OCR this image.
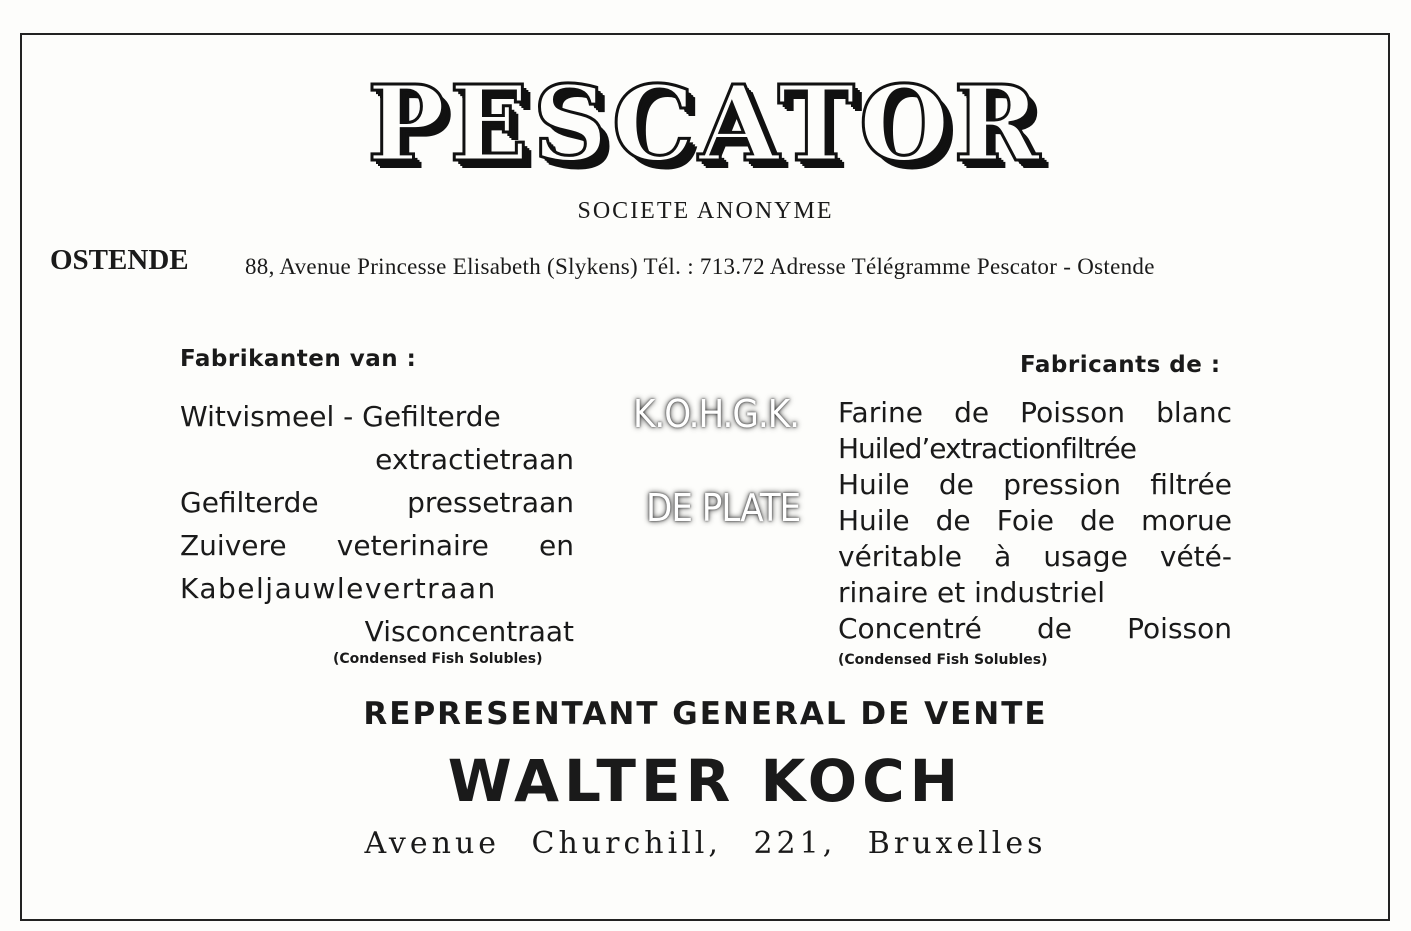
PESCATOR
SOCIETE ANONYME
OSTENDE 88, Avenue Princesse Elisabeth (Slykens) Tél. : 713.72 Adresse Télégramme Pescator - Ostende
Fabrikanten van :
Witvismeel - Gefilterde
extractietraan
Gefilterde pressetraan
Zuivere veterinaire en
Kabeljauwlevertraan
Visconcentraat
(Condensed Fish Solubles)
Fabricants de :
Farine de Poisson blanc
Huiled’extractionfiltrée
Huile de pression filtrée
Huile de Foie de morue
véritable à usage vété-
rinaire et industriel
Concentré de Poisson
(Condensed Fish Solubles)
K.O.H.G.K.
DE PLATE
REPRESENTANT GENERAL DE VENTE
WALTER KOCH
Avenue Churchill, 221, Bruxelles
